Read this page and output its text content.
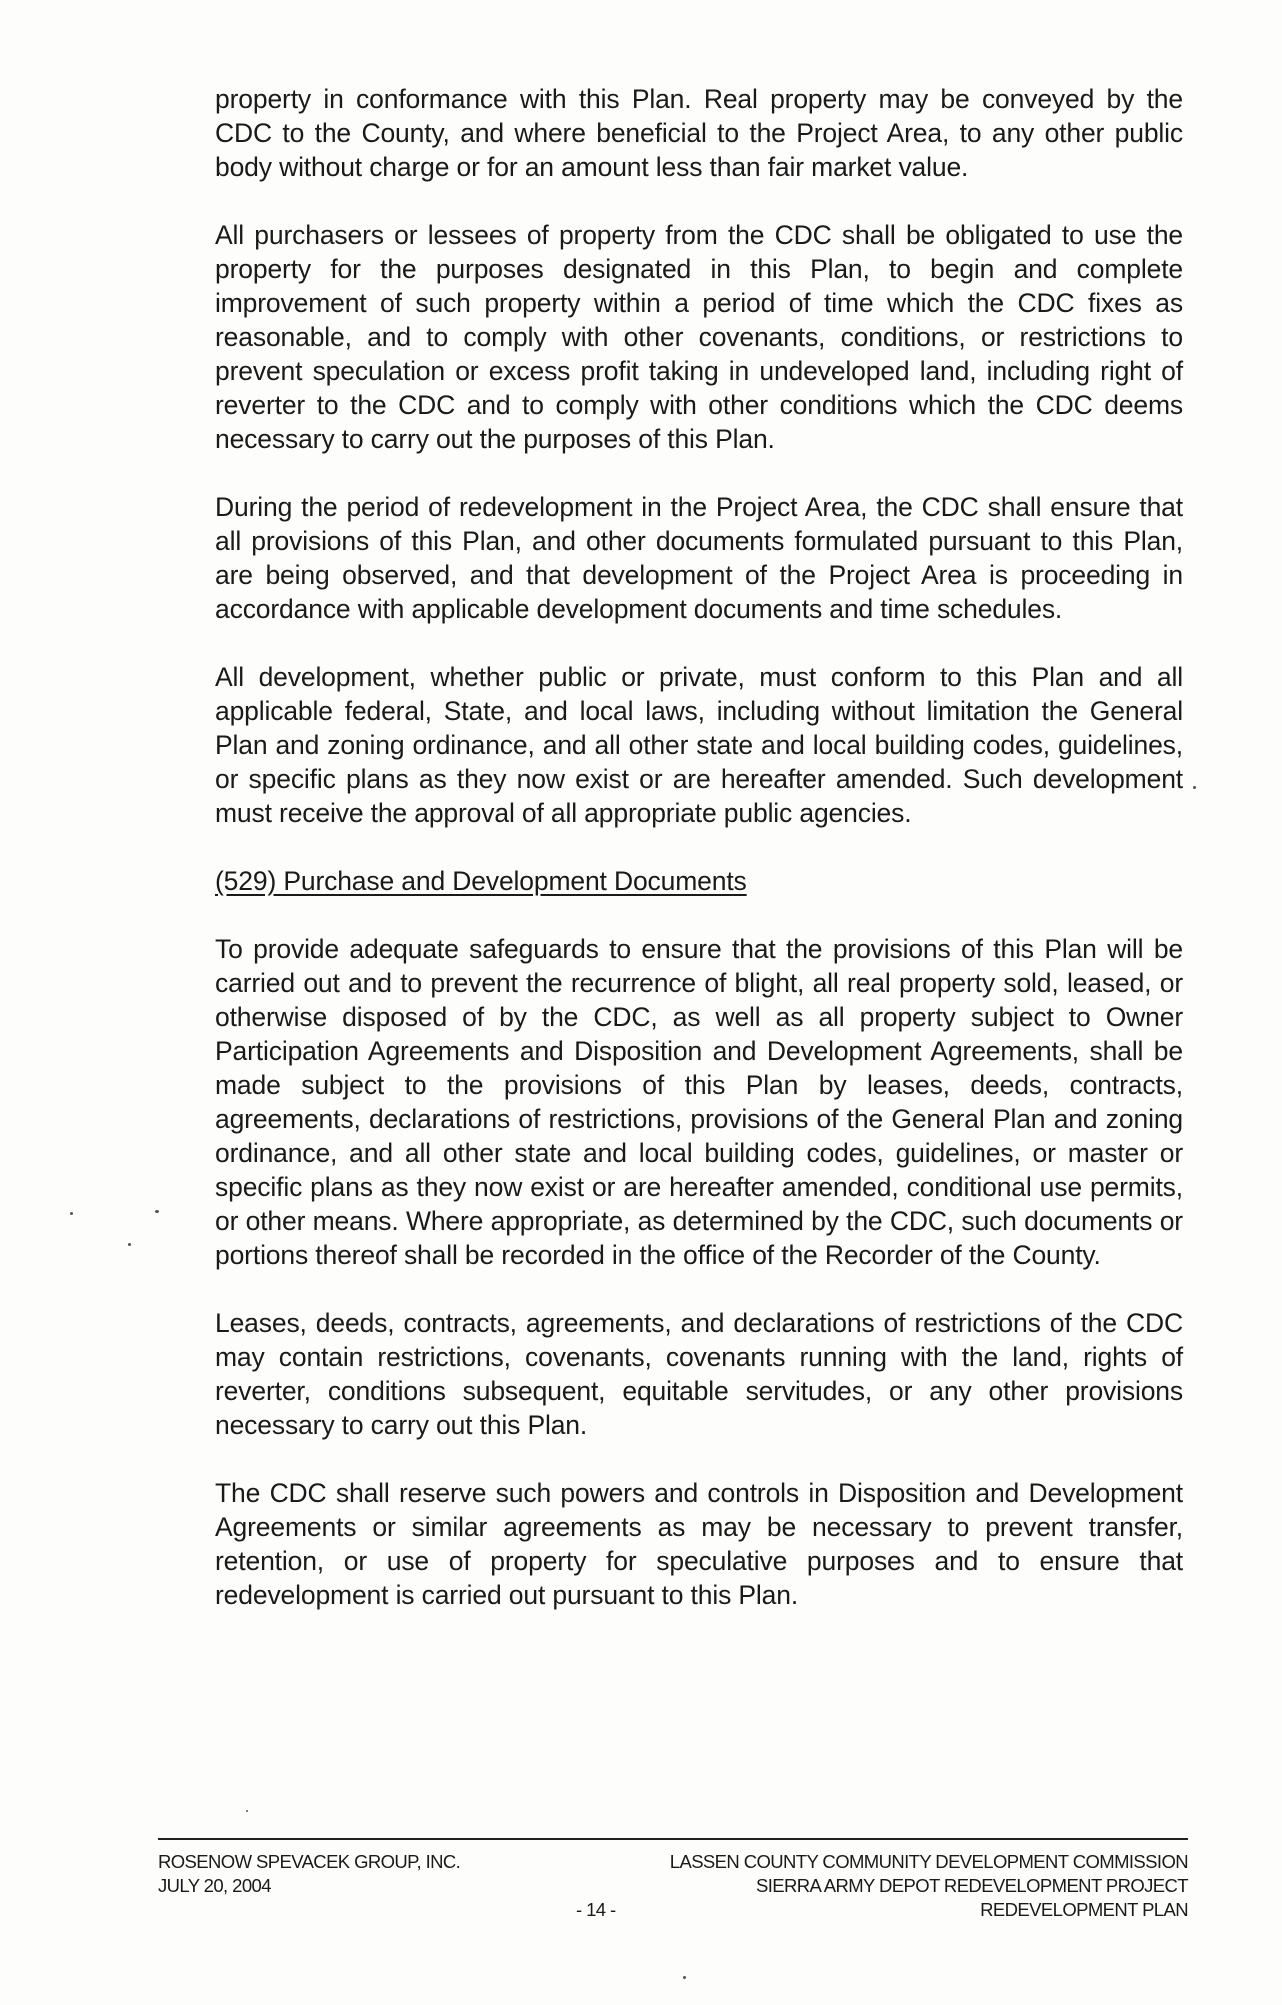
property in conformance with this Plan. Real property may be conveyed by the CDC to the County, and where beneficial to the Project Area, to any other public body without charge or for an amount less than fair market value.

All purchasers or lessees of property from the CDC shall be obligated to use the property for the purposes designated in this Plan, to begin and complete improvement of such property within a period of time which the CDC fixes as reasonable, and to comply with other covenants, conditions, or restrictions to prevent speculation or excess profit taking in undeveloped land, including right of reverter to the CDC and to comply with other conditions which the CDC deems necessary to carry out the purposes of this Plan.

During the period of redevelopment in the Project Area, the CDC shall ensure that all provisions of this Plan, and other documents formulated pursuant to this Plan, are being observed, and that development of the Project Area is proceeding in accordance with applicable development documents and time schedules.

All development, whether public or private, must conform to this Plan and all applicable federal, State, and local laws, including without limitation the General Plan and zoning ordinance, and all other state and local building codes, guidelines, or specific plans as they now exist or are hereafter amended. Such development must receive the approval of all appropriate public agencies.

(529) Purchase and Development Documents

To provide adequate safeguards to ensure that the provisions of this Plan will be carried out and to prevent the recurrence of blight, all real property sold, leased, or otherwise disposed of by the CDC, as well as all property subject to Owner Participation Agreements and Disposition and Development Agreements, shall be made subject to the provisions of this Plan by leases, deeds, contracts, agreements, declarations of restrictions, provisions of the General Plan and zoning ordinance, and all other state and local building codes, guidelines, or master or specific plans as they now exist or are hereafter amended, conditional use permits, or other means. Where appropriate, as determined by the CDC, such documents or portions thereof shall be recorded in the office of the Recorder of the County.

Leases, deeds, contracts, agreements, and declarations of restrictions of the CDC may contain restrictions, covenants, covenants running with the land, rights of reverter, conditions subsequent, equitable servitudes, or any other provisions necessary to carry out this Plan.

The CDC shall reserve such powers and controls in Disposition and Development Agreements or similar agreements as may be necessary to prevent transfer, retention, or use of property for speculative purposes and to ensure that redevelopment is carried out pursuant to this Plan.

ROSENOW SPEVACEK GROUP, INC.
JULY 20, 2004
- 14 -
LASSEN COUNTY COMMUNITY DEVELOPMENT COMMISSION
SIERRA ARMY DEPOT REDEVELOPMENT PROJECT
REDEVELOPMENT PLAN
